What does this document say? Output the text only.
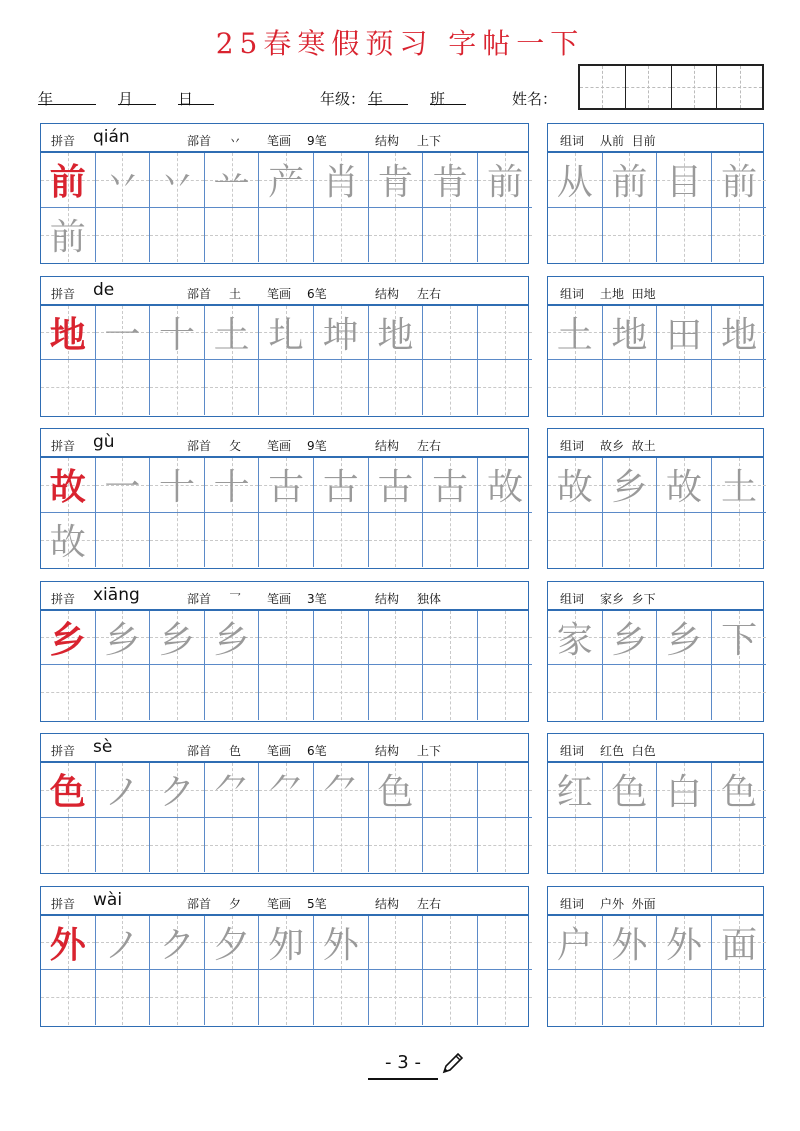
25春寒假预习 字帖一下
年	月	日	年级： 年	班	姓名：
拼音 qián	部首 丷 笔画 9笔	结构 上下
前 丷 丷 䒑 产 肖 肯 肯 前
前
组词 从前  目前
从 前 目 前
拼音 de	部首 土 笔画 6笔	结构 左右
地 一 十 土 圠 坤 地
组词 土地  田地
土 地 田 地
拼音 gù	部首 攵 笔画 9笔	结构 左右
故 一 十 十 古 古 古 古 故
故
组词 故乡  故土
故 乡 故 土
拼音 xiāng	部首 乛 笔画 3笔	结构 独体
乡 乡 乡 乡
组词 家乡  乡下
家 乡 乡 下
拼音 sè	部首 色 笔画 6笔	结构 上下
色 ノ ク ⺈ ⺈ ⺈ 色
组词 红色  白色
红 色 白 色
拼音 wài	部首 夕 笔画 5笔	结构 左右
外 ノ ク 夕 夘 外
组词 户外  外面
户 外 外 面
- 3 -
